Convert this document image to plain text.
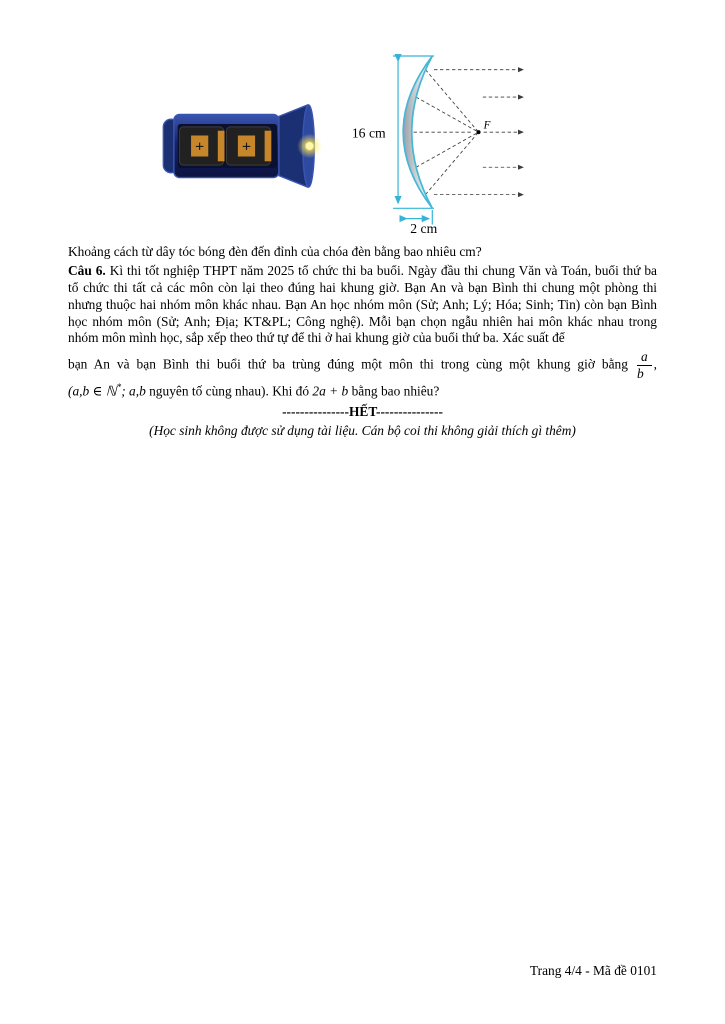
+ +
16 cm
2 cm
F

Khoảng cách từ dây tóc bóng đèn đến đỉnh của chóa đèn bằng bao nhiêu cm?

Câu 6. Kì thi tốt nghiệp THPT năm 2025 tổ chức thi ba buổi. Ngày đầu thi chung Văn và Toán, buổi thứ ba tổ chức thi tất cả các môn còn lại theo đúng hai khung giờ. Bạn An và bạn Bình thi chung một phòng thi nhưng thuộc hai nhóm môn khác nhau. Bạn An học nhóm môn (Sử; Anh; Lý; Hóa; Sinh; Tin) còn bạn Bình học nhóm môn (Sử; Anh; Địa; KT&PL; Công nghệ). Mỗi bạn chọn ngẫu nhiên hai môn khác nhau trong nhóm môn mình học, sắp xếp theo thứ tự để thi ở hai khung giờ của buổi thứ ba. Xác suất để

bạn An và bạn Bình thi buổi thứ ba trùng đúng một môn thi trong cùng một khung giờ bằng $\frac{a}{b}$ ,

(a,b ∈ ℕ*; a,b nguyên tố cùng nhau). Khi đó 2a + b bằng bao nhiêu?

---------------HẾT---------------

(Học sinh không được sử dụng tài liệu. Cán bộ coi thi không giải thích gì thêm)

Trang 4/4 - Mã đề 0101
